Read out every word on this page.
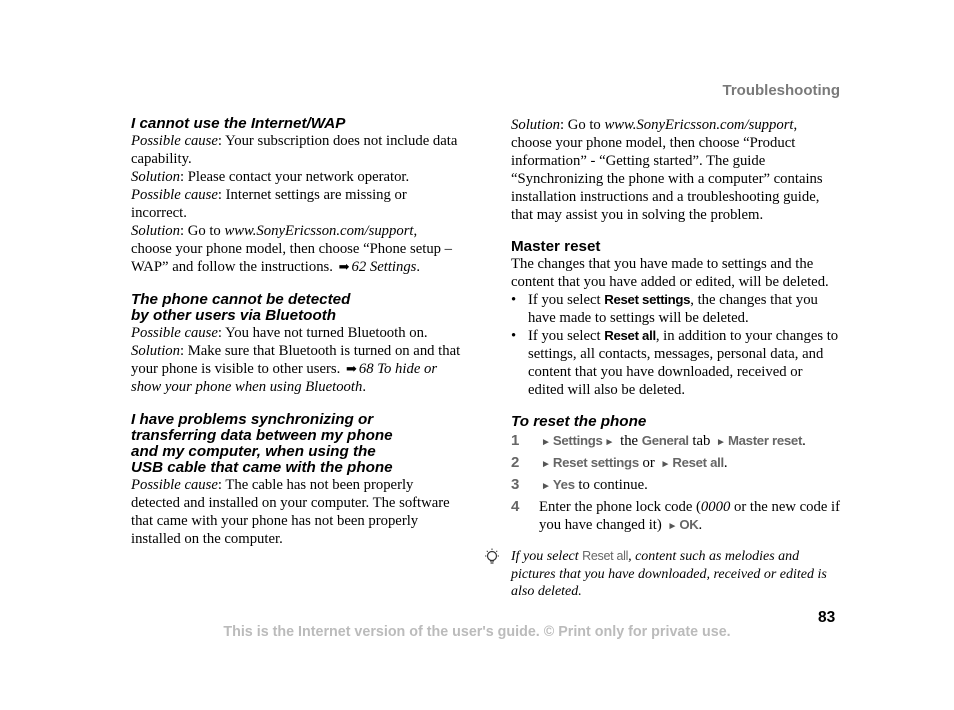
Troubleshooting
I cannot use the Internet/WAP

Possible cause: Your subscription does not include data capability.

Solution: Please contact your network operator.

Possible cause: Internet settings are missing or incorrect.

Solution: Go to www.SonyEricsson.com/support, choose your phone model, then choose “Phone setup – WAP” and follow the instructions. ➡ 62 Settings.

The phone cannot be detected
by other users via Bluetooth

Possible cause: You have not turned Bluetooth on.

Solution: Make sure that Bluetooth is turned on and that your phone is visible to other users. ➡ 68 To hide or show your phone when using Bluetooth.

I have problems synchronizing or
transferring data between my phone
and my computer, when using the
USB cable that came with the phone

Possible cause: The cable has not been properly detected and installed on your computer. The software that came with your phone has not been properly installed on the computer.

Solution: Go to www.SonyEricsson.com/support, choose your phone model, then choose “Product information” - “Getting started”. The guide “Synchronizing the phone with a computer” contains installation instructions and a troubleshooting guide, that may assist you in solving the problem.

Master reset

The changes that you have made to settings and the content that you have added or edited, will be deleted.

• If you select Reset settings, the changes that you have made to settings will be deleted.
• If you select Reset all, in addition to your changes to settings, all contacts, messages, personal data, and content that you have downloaded, received or edited will also be deleted.
To reset the phone
1	► Settings ► the General tab ► Master reset.
2	► Reset settings or ► Reset all.
3	► Yes to continue.
4	Enter the phone lock code (0000 or the new code if you have changed it) ► OK.
If you select Reset all, content such as melodies and pictures that you have downloaded, received or edited is also deleted.
83
This is the Internet version of the user's guide. © Print only for private use.
